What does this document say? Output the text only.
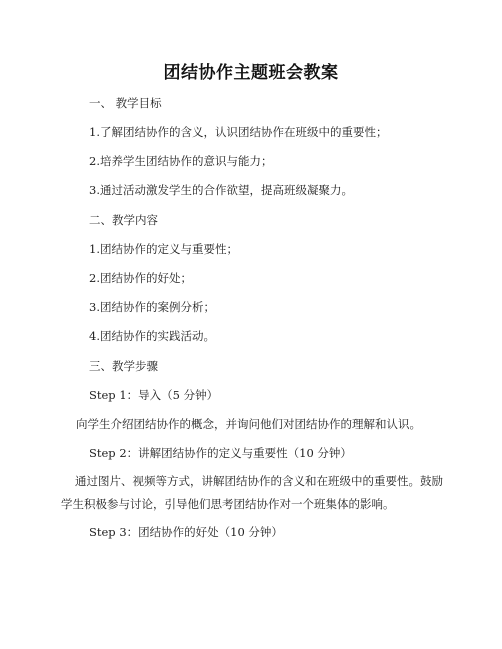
团结协作主题班会教案
一、 教学目标
1.了解团结协作的含义，认识团结协作在班级中的重要性；
2.培养学生团结协作的意识与能力；
3.通过活动激发学生的合作欲望，提高班级凝聚力。
二、教学内容
1.团结协作的定义与重要性；
2.团结协作的好处；
3.团结协作的案例分析；
4.团结协作的实践活动。
三、教学步骤
Step 1：导入（5 分钟）
向学生介绍团结协作的概念，并询问他们对团结协作的理解和认识。
Step 2：讲解团结协作的定义与重要性（10 分钟）

通过图片、视频等方式，讲解团结协作的含义和在班级中的重要性。鼓励学生积极参与讨论，引导他们思考团结协作对一个班集体的影响。

Step 3：团结协作的好处（10 分钟）
